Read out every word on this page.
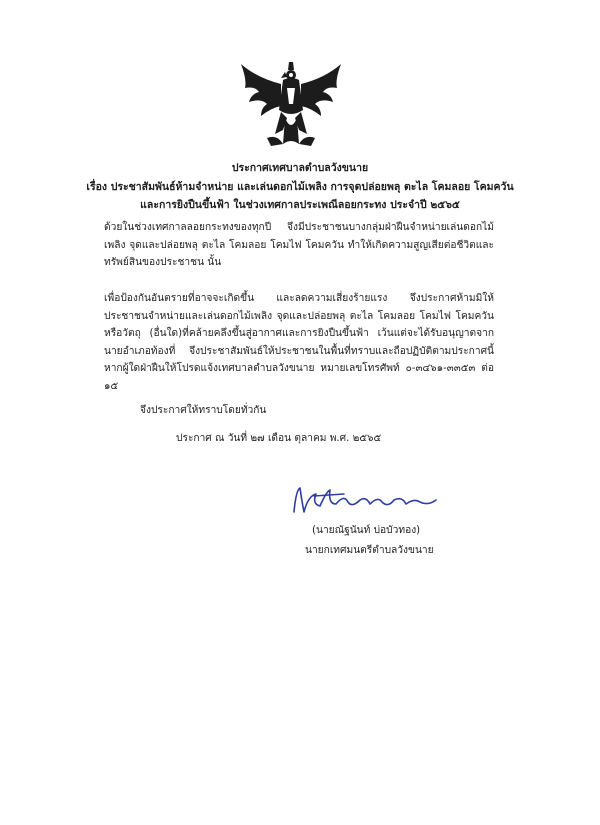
ประกาศเทศบาลตำบลวังขนาย
เรื่อง ประชาสัมพันธ์ห้ามจำหน่าย และเล่นดอกไม้เพลิง การจุดปล่อยพลุ ตะไล โคมลอย โคมควัน
และการยิงปืนขึ้นฟ้า ในช่วงเทศกาลประเพณีลอยกระทง ประจำปี ๒๕๖๕
ด้วยในช่วงเทศกาลลอยกระทงของทุกปี จึงมีประชาชนบางกลุ่มฝ่าฝืนจำหน่ายเล่นดอกไม้เพลิง จุดและปล่อยพลุ ตะไล โคมลอย โคมไฟ โคมควัน ทำให้เกิดความสูญเสียต่อชีวิตและทรัพย์สินของประชาชน นั้น
เพื่อป้องกันอันตรายที่อาจจะเกิดขึ้น และลดความเสี่ยงร้ายแรง จึงประกาศห้ามมิให้ประชาชนจำหน่ายและเล่นดอกไม้เพลิง จุดและปล่อยพลุ ตะไล โคมลอย โคมไฟ โคมควัน หรือวัตถุ (อื่นใด)ที่คล้ายคลึงขึ้นสู่อากาศและการยิงปืนขึ้นฟ้า เว้นแต่จะได้รับอนุญาตจากนายอำเภอท้องที่ จึงประชาสัมพันธ์ให้ประชาชนในพื้นที่ทราบและถือปฏิบัติตามประกาศนี้ หากผู้ใดฝ่าฝืนให้โปรดแจ้งเทศบาลตำบลวังขนาย หมายเลขโทรศัพท์ ๐-๓๔๖๑-๓๓๕๓ ต่อ ๑๕
จึงประกาศให้ทราบโดยทั่วกัน
ประกาศ ณ วันที่ ๒๗ เดือน ตุลาคม พ.ศ. ๒๕๖๕
(นายณัฐนันท์ บ่อบัวทอง)
นายกเทศมนตรีตำบลวังขนาย
